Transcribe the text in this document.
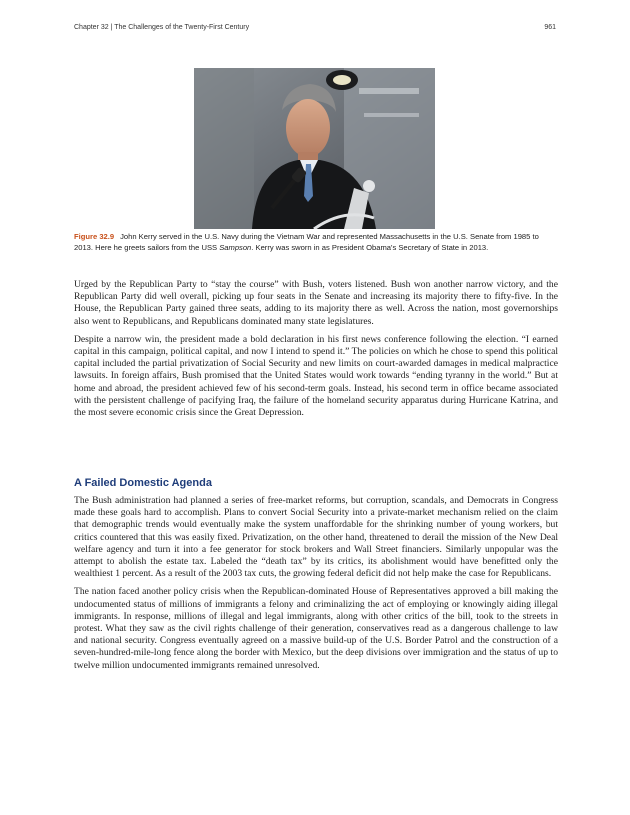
Chapter 32 | The Challenges of the Twenty-First Century	961
Figure 32.9 John Kerry served in the U.S. Navy during the Vietnam War and represented Massachusetts in the U.S. Senate from 1985 to 2013. Here he greets sailors from the USS Sampson. Kerry was sworn in as President Obama's Secretary of State in 2013.

Urged by the Republican Party to “stay the course” with Bush, voters listened. Bush won another narrow victory, and the Republican Party did well overall, picking up four seats in the Senate and increasing its majority there to fifty-five. In the House, the Republican Party gained three seats, adding to its majority there as well. Across the nation, most governorships also went to Republicans, and Republicans dominated many state legislatures.

Despite a narrow win, the president made a bold declaration in his first news conference following the election. “I earned capital in this campaign, political capital, and now I intend to spend it.” The policies on which he chose to spend this political capital included the partial privatization of Social Security and new limits on court-awarded damages in medical malpractice lawsuits. In foreign affairs, Bush promised that the United States would work towards “ending tyranny in the world.” But at home and abroad, the president achieved few of his second-term goals. Instead, his second term in office became associated with the persistent challenge of pacifying Iraq, the failure of the homeland security apparatus during Hurricane Katrina, and the most severe economic crisis since the Great Depression.

A Failed Domestic Agenda

The Bush administration had planned a series of free-market reforms, but corruption, scandals, and Democrats in Congress made these goals hard to accomplish. Plans to convert Social Security into a private-market mechanism relied on the claim that demographic trends would eventually make the system unaffordable for the shrinking number of young workers, but critics countered that this was easily fixed. Privatization, on the other hand, threatened to derail the mission of the New Deal welfare agency and turn it into a fee generator for stock brokers and Wall Street financiers. Similarly unpopular was the attempt to abolish the estate tax. Labeled the “death tax” by its critics, its abolishment would have benefitted only the wealthiest 1 percent. As a result of the 2003 tax cuts, the growing federal deficit did not help make the case for Republicans.

The nation faced another policy crisis when the Republican-dominated House of Representatives approved a bill making the undocumented status of millions of immigrants a felony and criminalizing the act of employing or knowingly aiding illegal immigrants. In response, millions of illegal and legal immigrants, along with other critics of the bill, took to the streets in protest. What they saw as the civil rights challenge of their generation, conservatives read as a dangerous challenge to law and national security. Congress eventually agreed on a massive build-up of the U.S. Border Patrol and the construction of a seven-hundred-mile-long fence along the border with Mexico, but the deep divisions over immigration and the status of up to twelve million undocumented immigrants remained unresolved.
